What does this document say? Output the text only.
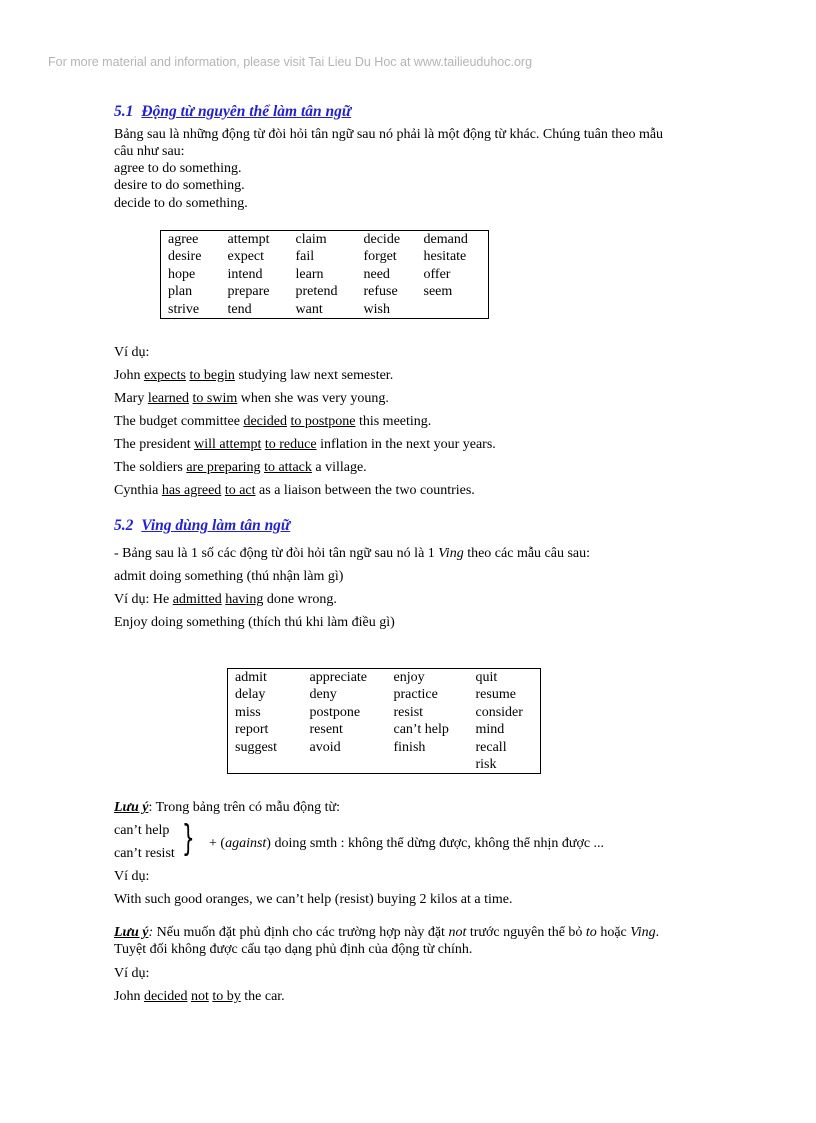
For more material and information, please visit Tai Lieu Du Hoc at www.tailieuduhoc.org
5.1 Động từ nguyên thể làm tân ngữ
Bảng sau là những động từ đòi hỏi tân ngữ sau nó phải là một động từ khác. Chúng tuân theo mẫu
câu như sau:
agree to do something.
desire to do something.
decide to do something.
agree	attempt	claim	decide	demand
desire	expect	fail	forget	hesitate
hope	intend	learn	need	offer
plan	prepare	pretend	refuse	seem
strive	tend	want	wish	
Ví dụ:
John expects to begin studying law next semester.
Mary learned to swim when she was very young.
The budget committee decided to postpone this meeting.
The president will attempt to reduce inflation in the next your years.
The soldiers are preparing to attack a village.
Cynthia has agreed to act as a liaison between the two countries.
5.2 Ving dùng làm tân ngữ
- Bảng sau là 1 số các động từ đòi hỏi tân ngữ sau nó là 1 Ving theo các mẫu câu sau:
admit doing something (thú nhận làm gì)
Ví dụ: He admitted having done wrong.
Enjoy doing something (thích thú khi làm điều gì)
admit	appreciate	enjoy	quit
delay	deny	practice	resume
miss	postpone	resist	consider
report	resent	can’t help	mind
suggest	avoid	finish	recall
			risk
Lưu ý: Trong bảng trên có mẫu động từ:
can’t help
can’t resist } + (against) doing smth : không thể dừng được, không thể nhịn được ...
Ví dụ:
With such good oranges, we can’t help (resist) buying 2 kilos at a time.
Lưu ý: Nếu muốn đặt phủ định cho các trường hợp này đặt not trước nguyên thể bỏ to hoặc Ving.
Tuyệt đối không được cấu tạo dạng phủ định của động từ chính.
Ví dụ:
John decided not to by the car.
